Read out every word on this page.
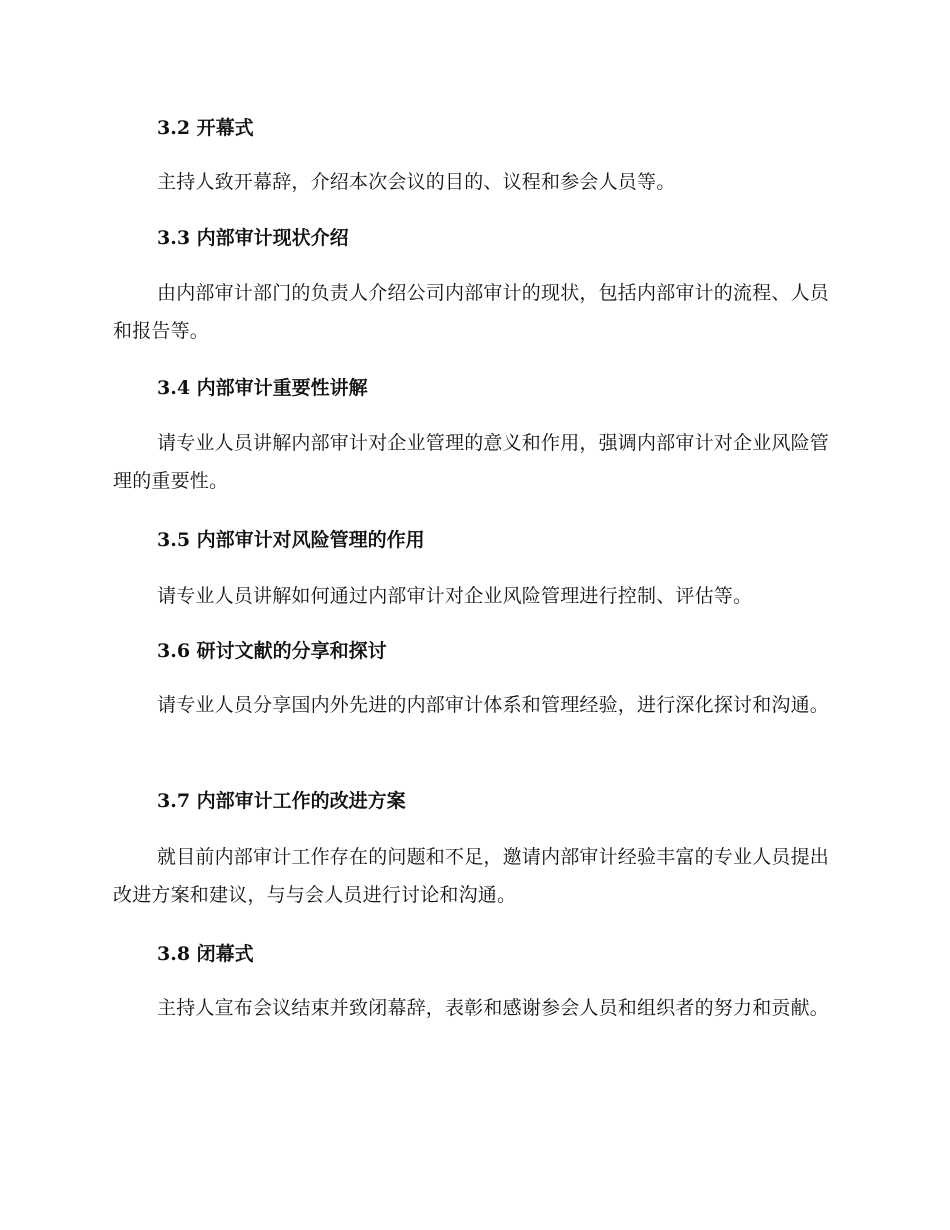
3.2 开幕式

主持人致开幕辞，介绍本次会议的目的、议程和参会人员等。

3.3 内部审计现状介绍

由内部审计部门的负责人介绍公司内部审计的现状，包括内部审计的流程、人员和报告等。

3.4 内部审计重要性讲解

请专业人员讲解内部审计对企业管理的意义和作用，强调内部审计对企业风险管理的重要性。

3.5 内部审计对风险管理的作用

请专业人员讲解如何通过内部审计对企业风险管理进行控制、评估等。

3.6 研讨文献的分享和探讨

请专业人员分享国内外先进的内部审计体系和管理经验，进行深化探讨和沟通。

3.7 内部审计工作的改进方案

就目前内部审计工作存在的问题和不足，邀请内部审计经验丰富的专业人员提出改进方案和建议，与与会人员进行讨论和沟通。

3.8 闭幕式

主持人宣布会议结束并致闭幕辞，表彰和感谢参会人员和组织者的努力和贡献。
